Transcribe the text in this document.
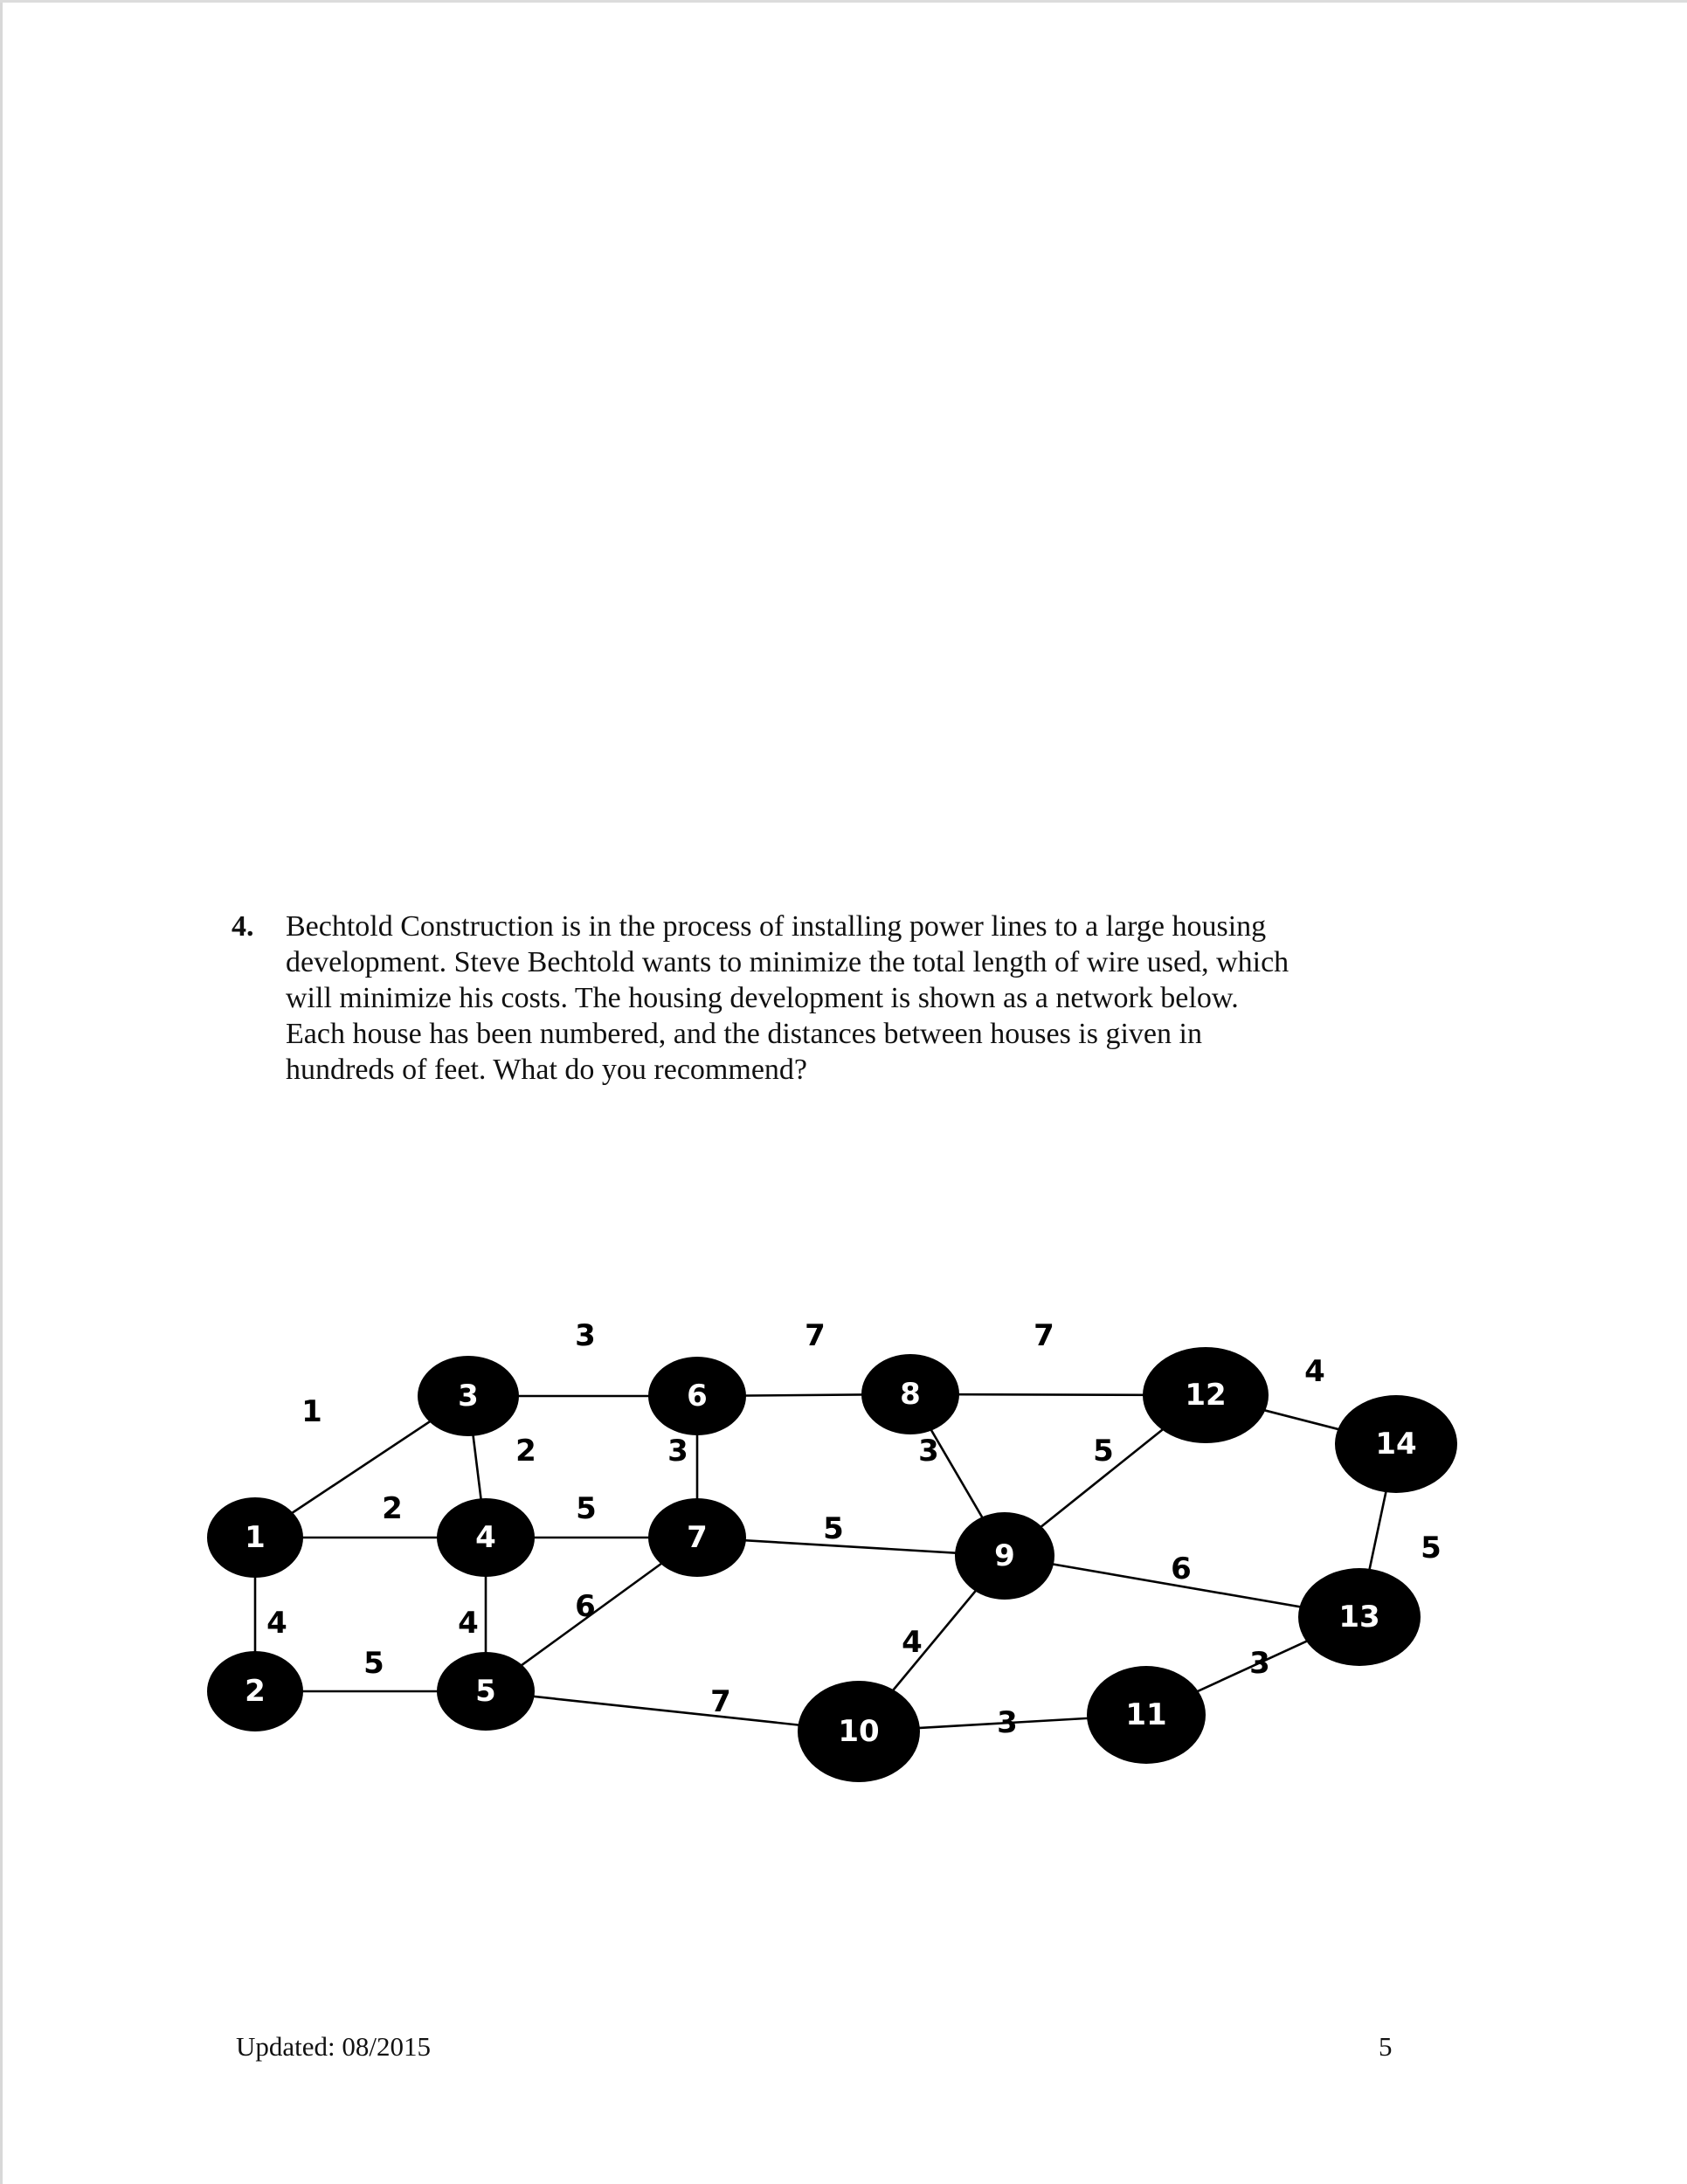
4. Bechtold Construction is in the process of installing power lines to a large housing
development. Steve Bechtold wants to minimize the total length of wire used, which
will minimize his costs. The housing development is shown as a network below.
Each house has been numbered, and the distances between houses is given in
hundreds of feet. What do you recommend?
1
2
4
5
2
3
5
4	6
7
3
7
5
7
3	5
4
6
3
3
4
5
1
2
3
4
5
6
7
8
9
10	11
12
13
14
Updated: 08/2015	5
